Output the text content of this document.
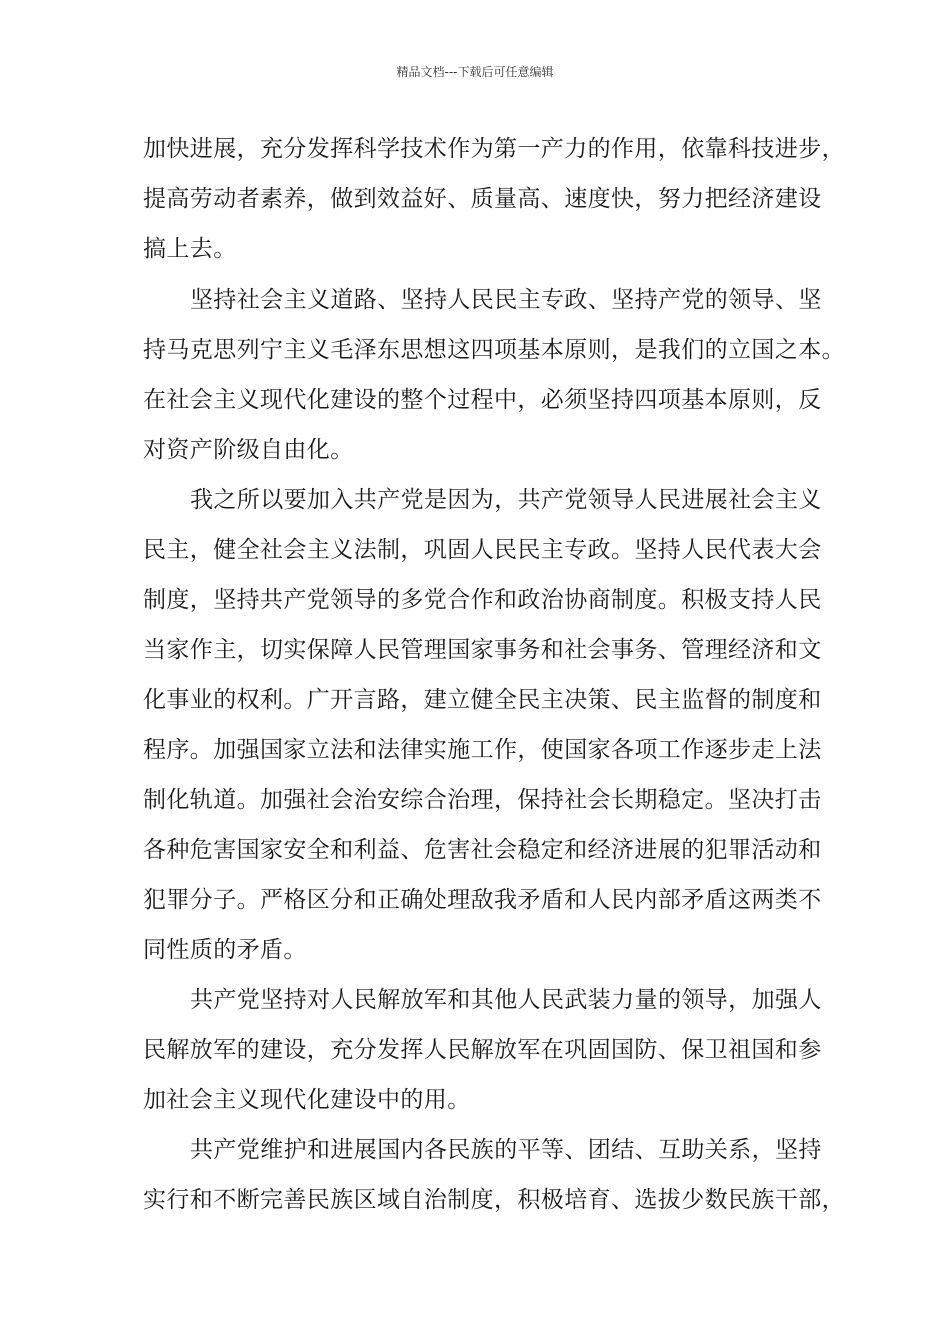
精品文档---下载后可任意编辑
加快进展，充分发挥科学技术作为第一产力的作用，依靠科技进步，
提高劳动者素养，做到效益好、质量高、速度快，努力把经济建设
搞上去。
坚持社会主义道路、坚持人民民主专政、坚持产党的领导、坚
持马克思列宁主义毛泽东思想这四项基本原则，是我们的立国之本。
在社会主义现代化建设的整个过程中，必须坚持四项基本原则，反
对资产阶级自由化。
我之所以要加入共产党是因为，共产党领导人民进展社会主义
民主，健全社会主义法制，巩固人民民主专政。坚持人民代表大会
制度，坚持共产党领导的多党合作和政治协商制度。积极支持人民
当家作主，切实保障人民管理国家事务和社会事务、管理经济和文
化事业的权利。广开言路，建立健全民主决策、民主监督的制度和
程序。加强国家立法和法律实施工作，使国家各项工作逐步走上法
制化轨道。加强社会治安综合治理，保持社会长期稳定。坚决打击
各种危害国家安全和利益、危害社会稳定和经济进展的犯罪活动和
犯罪分子。严格区分和正确处理敌我矛盾和人民内部矛盾这两类不
同性质的矛盾。
共产党坚持对人民解放军和其他人民武装力量的领导，加强人
民解放军的建设，充分发挥人民解放军在巩固国防、保卫祖国和参
加社会主义现代化建设中的用。
共产党维护和进展国内各民族的平等、团结、互助关系，坚持
实行和不断完善民族区域自治制度，积极培育、选拔少数民族干部，
